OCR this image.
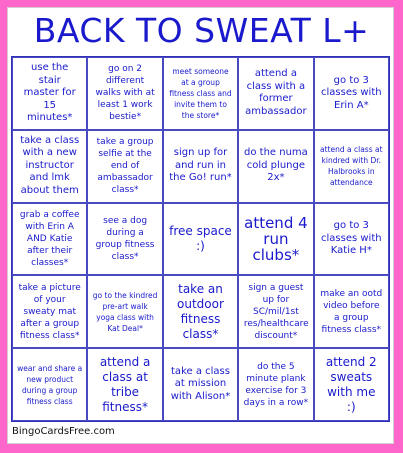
BACK TO SWEAT L+
use the stair master for 15 minutes*
go on 2 different walks with at least 1 work bestie*
meet someone at a group fitness class and invite them to the store*
attend a class with a former ambassador
go to 3 classes with Erin A*
take a class with a new instructor and lmk about them
take a group selfie at the end of ambassador class*
sign up for and run in the Go! run*
do the numa cold plunge 2x*
attend a class at kindred with Dr. Halbrooks in attendance
grab a coffee with Erin A AND Katie after their classes*
see a dog during a group fitness class*
free space :)
attend 4 run clubs*
go to 3 classes with Katie H*
take a picture of your sweaty mat after a group fitness class*
go to the kindred pre-art walk yoga class with Kat Deal*
take an outdoor fitness class*
sign a guest up for SC/mil/1st res/healthcare discount*
make an ootd video before a group fitness class*
wear and share a new product during a group fitness class
attend a class at tribe fitness*
take a class at mission with Alison*
do the 5 minute plank exercise for 3 days in a row*
attend 2 sweats with me :)
BingoCardsFree.com
